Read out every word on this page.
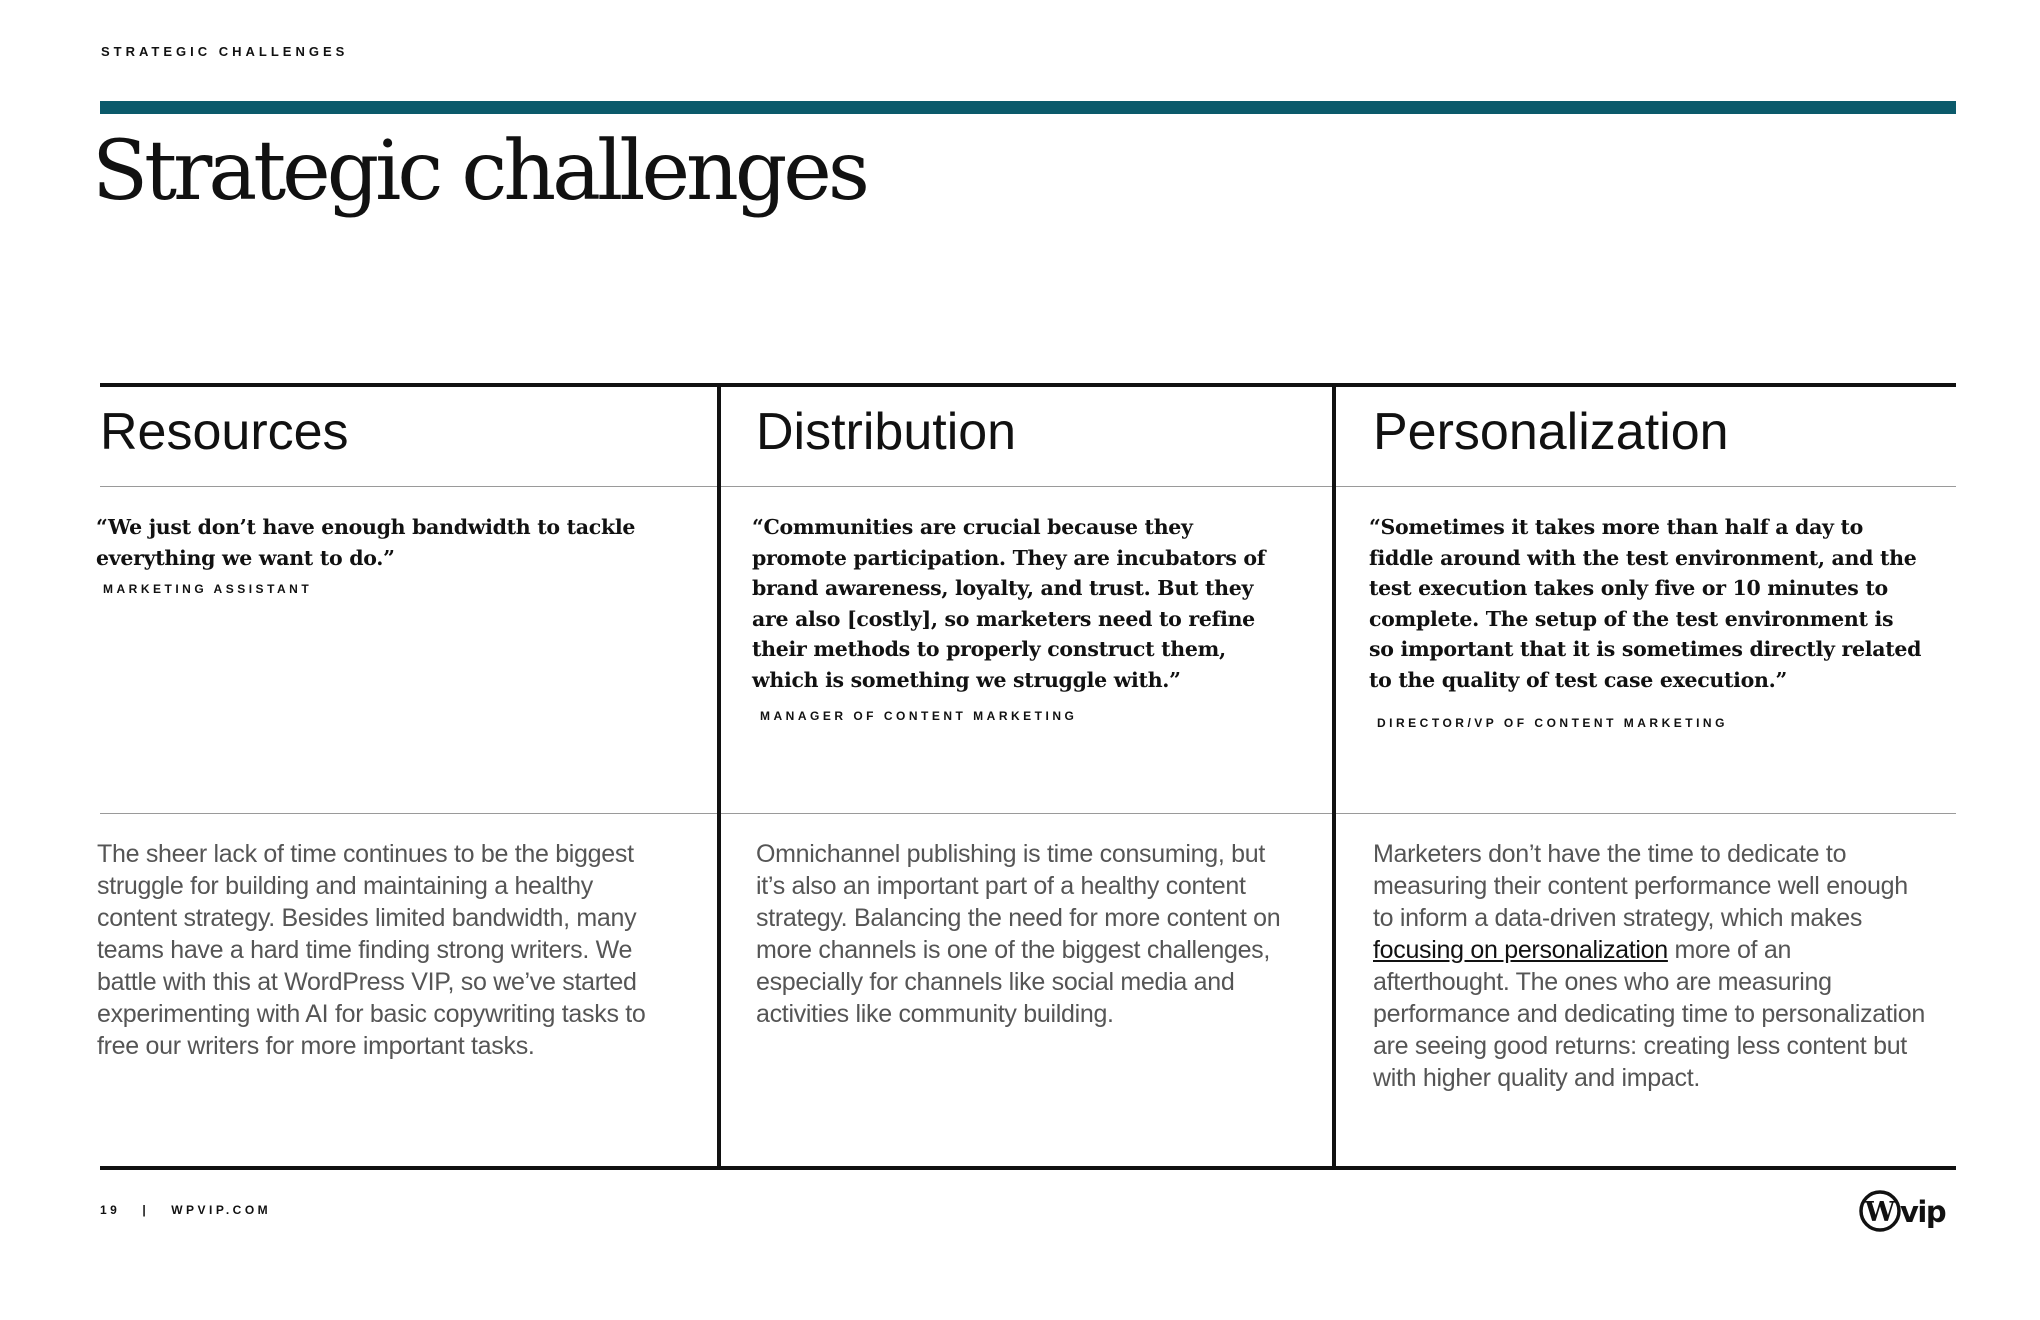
STRATEGIC CHALLENGES
Strategic challenges
Resources

“We just don’t have enough bandwidth to tackle everything we want to do.”

MARKETING ASSISTANT

The sheer lack of time continues to be the biggest struggle for building and maintaining a healthy content strategy. Besides limited bandwidth, many teams have a hard time finding strong writers. We battle with this at WordPress VIP, so we’ve started experimenting with AI for basic copywriting tasks to free our writers for more important tasks.

Distribution

“Communities are crucial because they promote participation. They are incubators of brand awareness, loyalty, and trust. But they are also [costly], so marketers need to refine their methods to properly construct them, which is something we struggle with.”

MANAGER OF CONTENT MARKETING

Omnichannel publishing is time consuming, but it’s also an important part of a healthy content strategy. Balancing the need for more content on more channels is one of the biggest challenges, especially for channels like social media and activities like community building.

Personalization

“Sometimes it takes more than half a day to fiddle around with the test environment, and the test execution takes only five or 10 minutes to complete. The setup of the test environment is so important that it is sometimes directly related to the quality of test case execution.”

DIRECTOR/VP OF CONTENT MARKETING

Marketers don’t have the time to dedicate to measuring their content performance well enough to inform a data-driven strategy, which makes focusing on personalization more of an afterthought. The ones who are measuring performance and dedicating time to personalization are seeing good returns: creating less content but with higher quality and impact.

19 | WPVIP.COM	W vip
